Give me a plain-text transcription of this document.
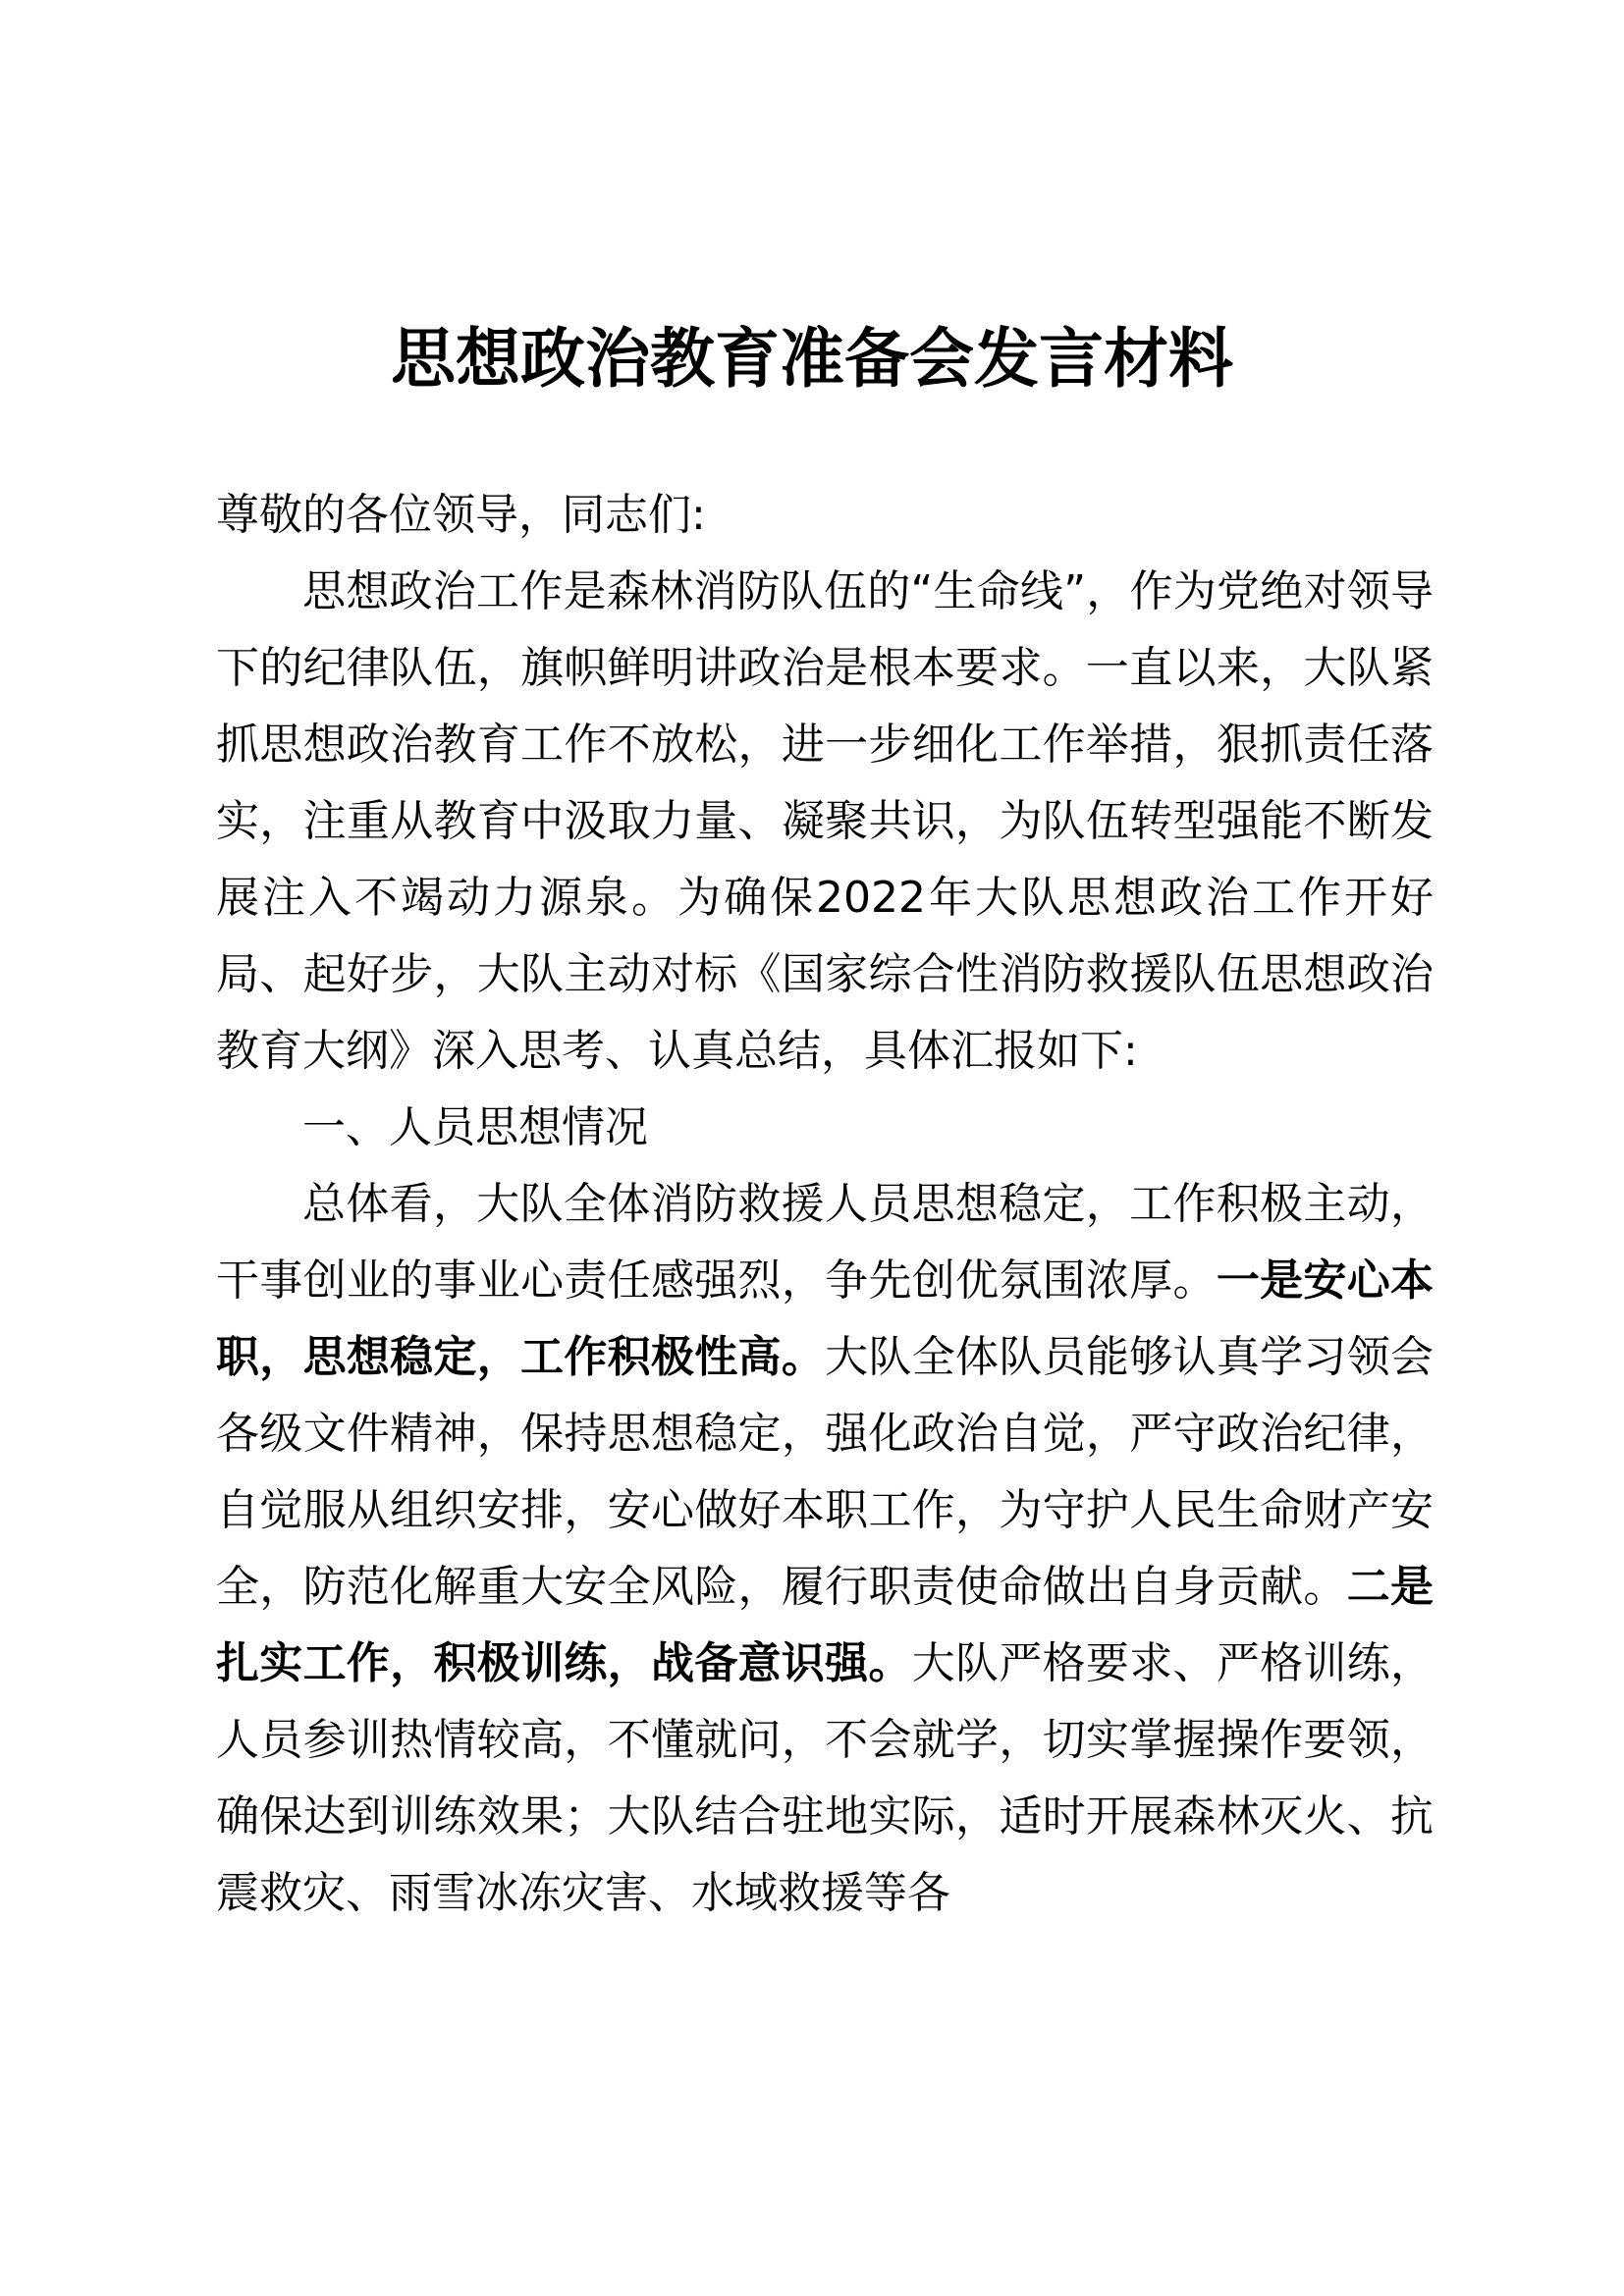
思想政治教育准备会发言材料

尊敬的各位领导，同志们:

思想政治工作是森林消防队伍的“生命线”，作为党绝对领导下的纪律队伍，旗帜鲜明讲政治是根本要求。一直以来，大队紧抓思想政治教育工作不放松，进一步细化工作举措，狠抓责任落实，注重从教育中汲取力量、凝聚共识，为队伍转型强能不断发展注入不竭动力源泉。为确保2022年大队思想政治工作开好局、起好步，大队主动对标《国家综合性消防救援队伍思想政治教育大纲》深入思考、认真总结，具体汇报如下:

一、人员思想情况

总体看，大队全体消防救援人员思想稳定，工作积极主动，干事创业的事业心责任感强烈，争先创优氛围浓厚。一是安心本职，思想稳定，工作积极性高。大队全体队员能够认真学习领会各级文件精神，保持思想稳定，强化政治自觉，严守政治纪律，自觉服从组织安排，安心做好本职工作，为守护人民生命财产安全，防范化解重大安全风险，履行职责使命做出自身贡献。二是扎实工作，积极训练，战备意识强。大队严格要求、严格训练，人员参训热情较高，不懂就问，不会就学，切实掌握操作要领，确保达到训练效果；大队结合驻地实际，适时开展森林灭火、抗震救灾、雨雪冰冻灾害、水域救援等各
